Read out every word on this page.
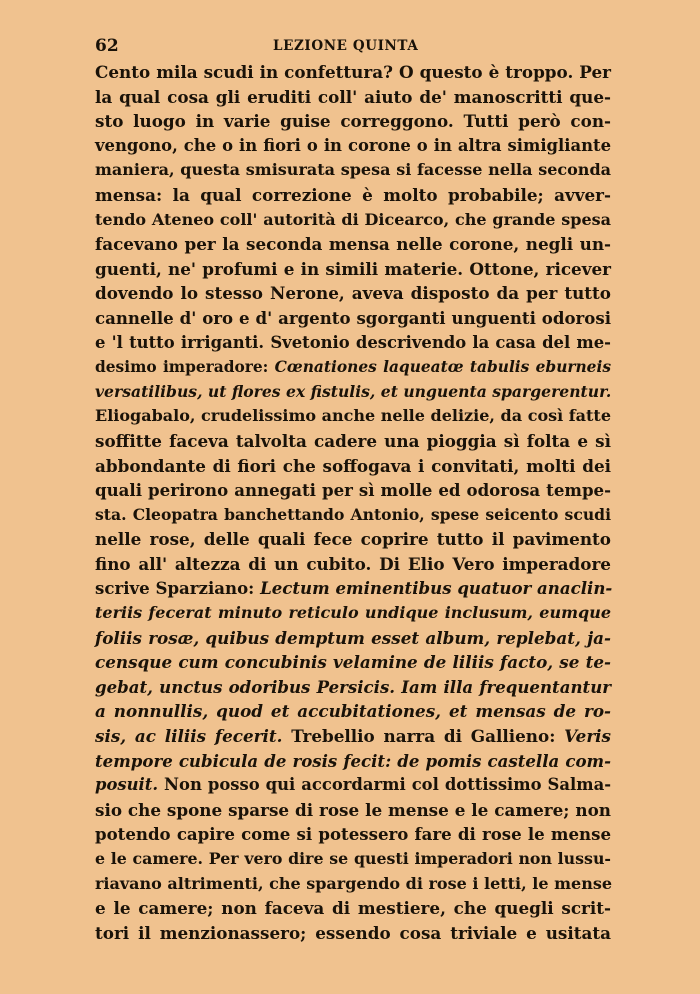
62	LEZIONE QUINTA
Cento mila scudi in confettura? O questo è troppo. Per
la qual cosa gli eruditi coll' aiuto de' manoscritti que-
sto luogo in varie guise correggono. Tutti però con-
vengono, che o in fiori o in corone o in altra simigliante
maniera, questa smisurata spesa si facesse nella seconda
mensa: la qual correzione è molto probabile; avver-
tendo Ateneo coll' autorità di Dicearco, che grande spesa
facevano per la seconda mensa nelle corone, negli un-
guenti, ne' profumi e in simili materie. Ottone, ricever
dovendo lo stesso Nerone, aveva disposto da per tutto
cannelle d' oro e d' argento sgorganti unguenti odorosi
e 'l tutto irriganti. Svetonio descrivendo la casa del me-
desimo imperadore: Cœnationes laqueatœ tabulis eburneis
versatilibus, ut flores ex fistulis, et unguenta spargerentur.
Eliogabalo, crudelissimo anche nelle delizie, da così fatte
soffitte faceva talvolta cadere una pioggia sì folta e sì
abbondante di fiori che soffogava i convitati, molti dei
quali perirono annegati per sì molle ed odorosa tempe-
sta. Cleopatra banchettando Antonio, spese seicento scudi
nelle rose, delle quali fece coprire tutto il pavimento
fino all' altezza di un cubito. Di Elio Vero imperadore
scrive Sparziano: Lectum eminentibus quatuor anaclin-
teriis fecerat minuto reticulo undique inclusum, eumque
foliis rosæ, quibus demptum esset album, replebat, ja-
censque cum concubinis velamine de liliis facto, se te-
gebat, unctus odoribus Persicis. Iam illa frequentantur
a nonnullis, quod et accubitationes, et mensas de ro-
sis, ac liliis fecerit. Trebellio narra di Gallieno: Veris
tempore cubicula de rosis fecit: de pomis castella com-
posuit. Non posso qui accordarmi col dottissimo Salma-
sio che spone sparse di rose le mense e le camere; non
potendo capire come si potessero fare di rose le mense
e le camere. Per vero dire se questi imperadori non lussu-
riavano altrimenti, che spargendo di rose i letti, le mense
e le camere; non faceva di mestiere, che quegli scrit-
tori il menzionassero; essendo cosa triviale e usitata
